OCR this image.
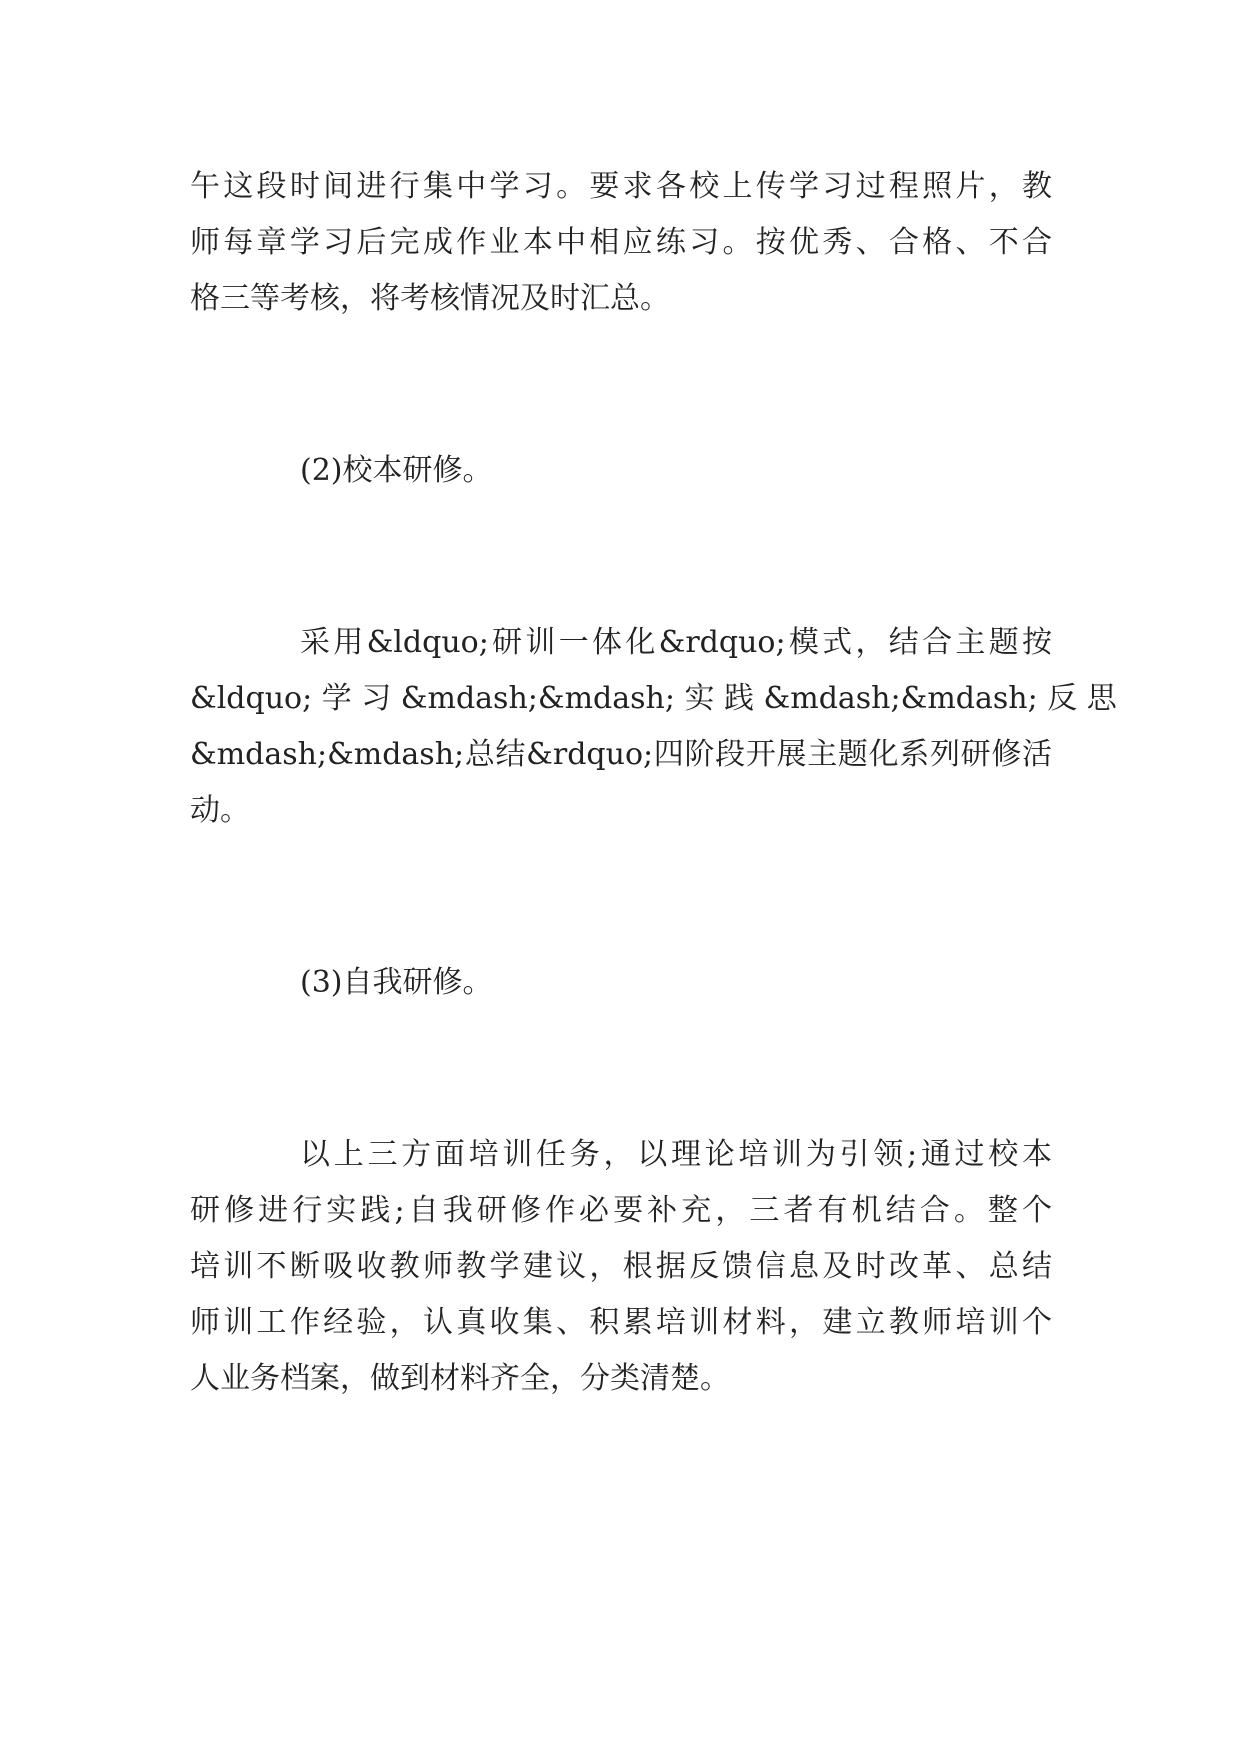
午这段时间进行集中学习。要求各校上传学习过程照片，教
师每章学习后完成作业本中相应练习。按优秀、合格、不合
格三等考核，将考核情况及时汇总。
(2)校本研修。
采用&ldquo;研训一体化&rdquo;模式，结合主题按
&ldquo; 学 习 &mdash;&mdash; 实 践 &mdash;&mdash; 反 思
&mdash;&mdash;总结&rdquo;四阶段开展主题化系列研修活
动。
(3)自我研修。
以上三方面培训任务，以理论培训为引领;通过校本
研修进行实践;自我研修作必要补充，三者有机结合。整个
培训不断吸收教师教学建议，根据反馈信息及时改革、总结
师训工作经验，认真收集、积累培训材料，建立教师培训个
人业务档案，做到材料齐全，分类清楚。
